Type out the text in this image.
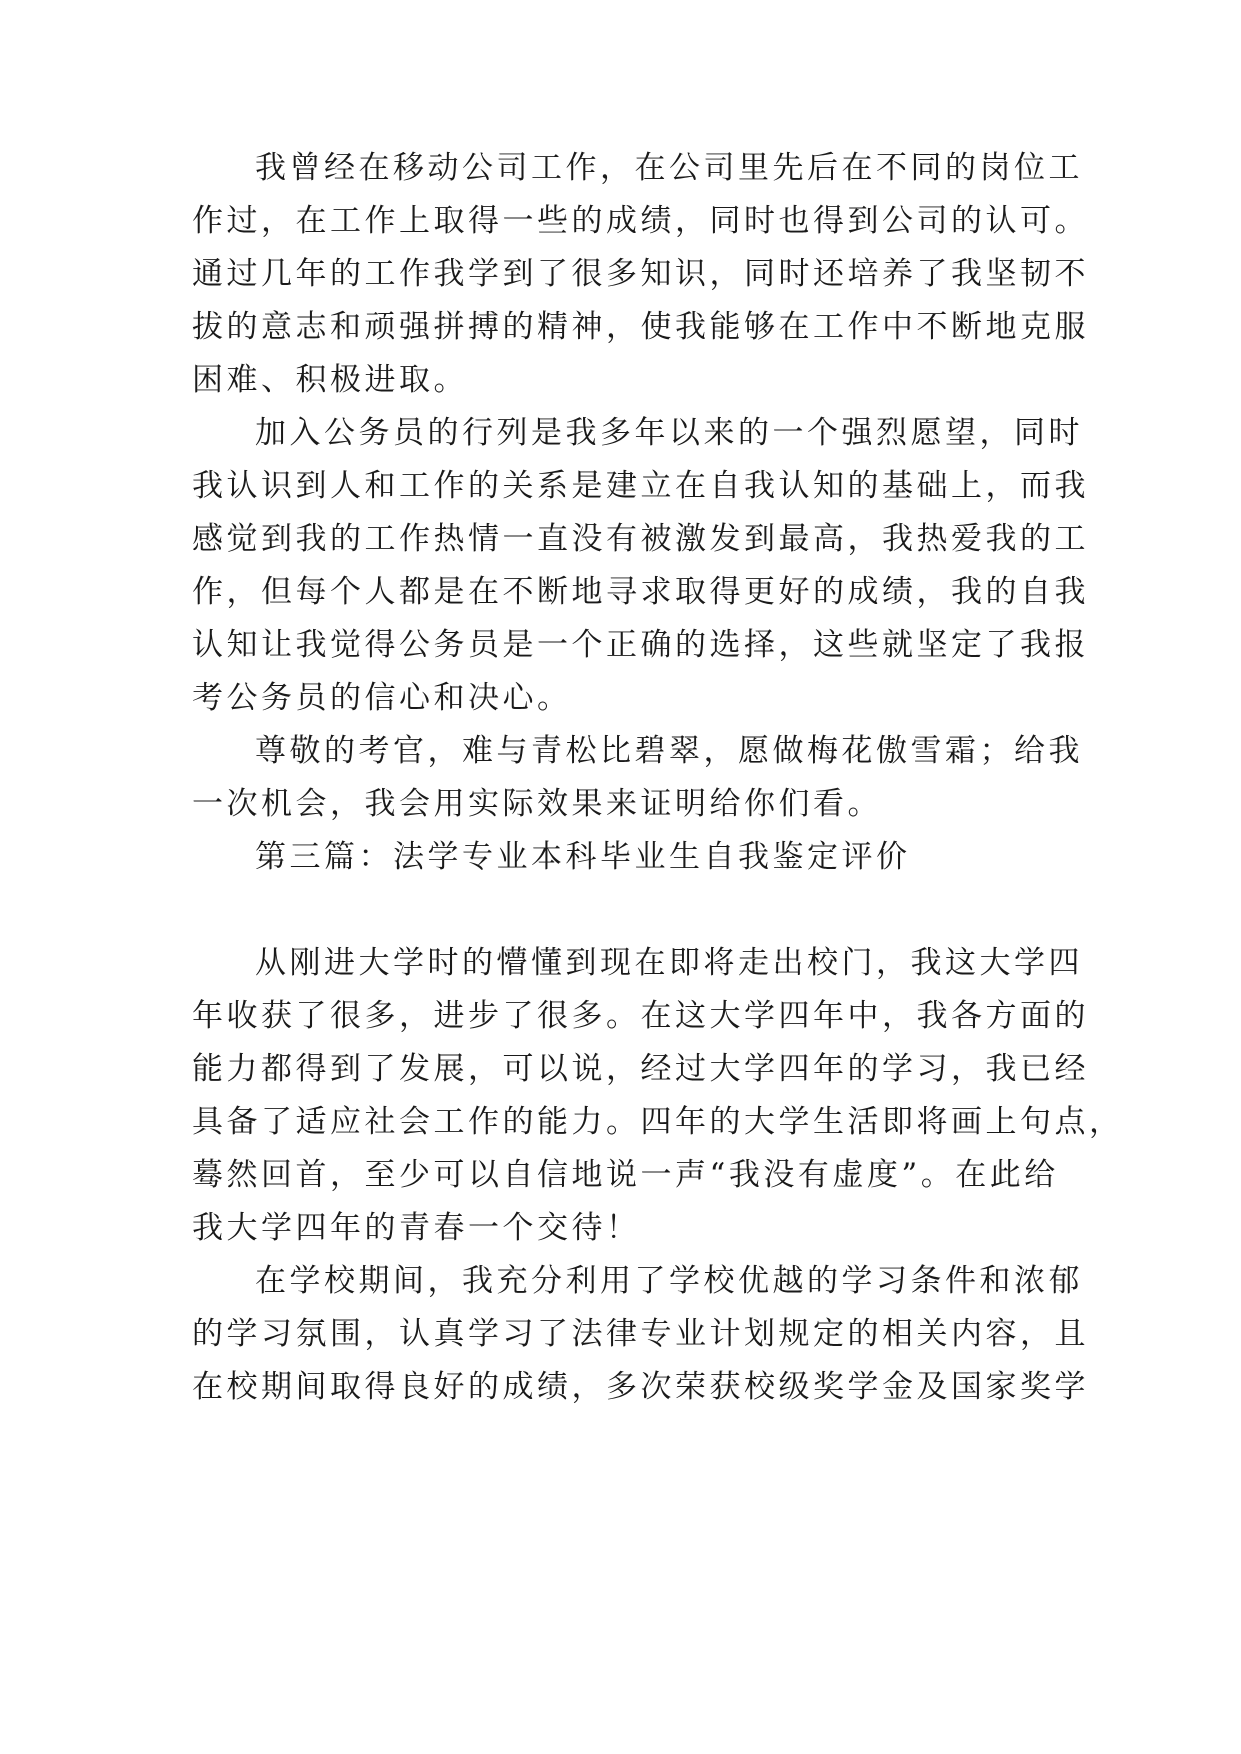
我曾经在移动公司工作，在公司里先后在不同的岗位工

作过，在工作上取得一些的成绩，同时也得到公司的认可。

通过几年的工作我学到了很多知识，同时还培养了我坚韧不

拔的意志和顽强拼搏的精神，使我能够在工作中不断地克服

困难、积极进取。

加入公务员的行列是我多年以来的一个强烈愿望，同时

我认识到人和工作的关系是建立在自我认知的基础上，而我

感觉到我的工作热情一直没有被激发到最高，我热爱我的工

作，但每个人都是在不断地寻求取得更好的成绩，我的自我

认知让我觉得公务员是一个正确的选择，这些就坚定了我报

考公务员的信心和决心。

尊敬的考官，难与青松比碧翠，愿做梅花傲雪霜；给我

一次机会，我会用实际效果来证明给你们看。

第三篇：法学专业本科毕业生自我鉴定评价

从刚进大学时的懵懂到现在即将走出校门，我这大学四

年收获了很多，进步了很多。在这大学四年中，我各方面的

能力都得到了发展，可以说，经过大学四年的学习，我已经

具备了适应社会工作的能力。四年的大学生活即将画上句点，

蓦然回首，至少可以自信地说一声“我没有虚度”。在此给

我大学四年的青春一个交待！

在学校期间，我充分利用了学校优越的学习条件和浓郁

的学习氛围，认真学习了法律专业计划规定的相关内容，且

在校期间取得良好的成绩，多次荣获校级奖学金及国家奖学
